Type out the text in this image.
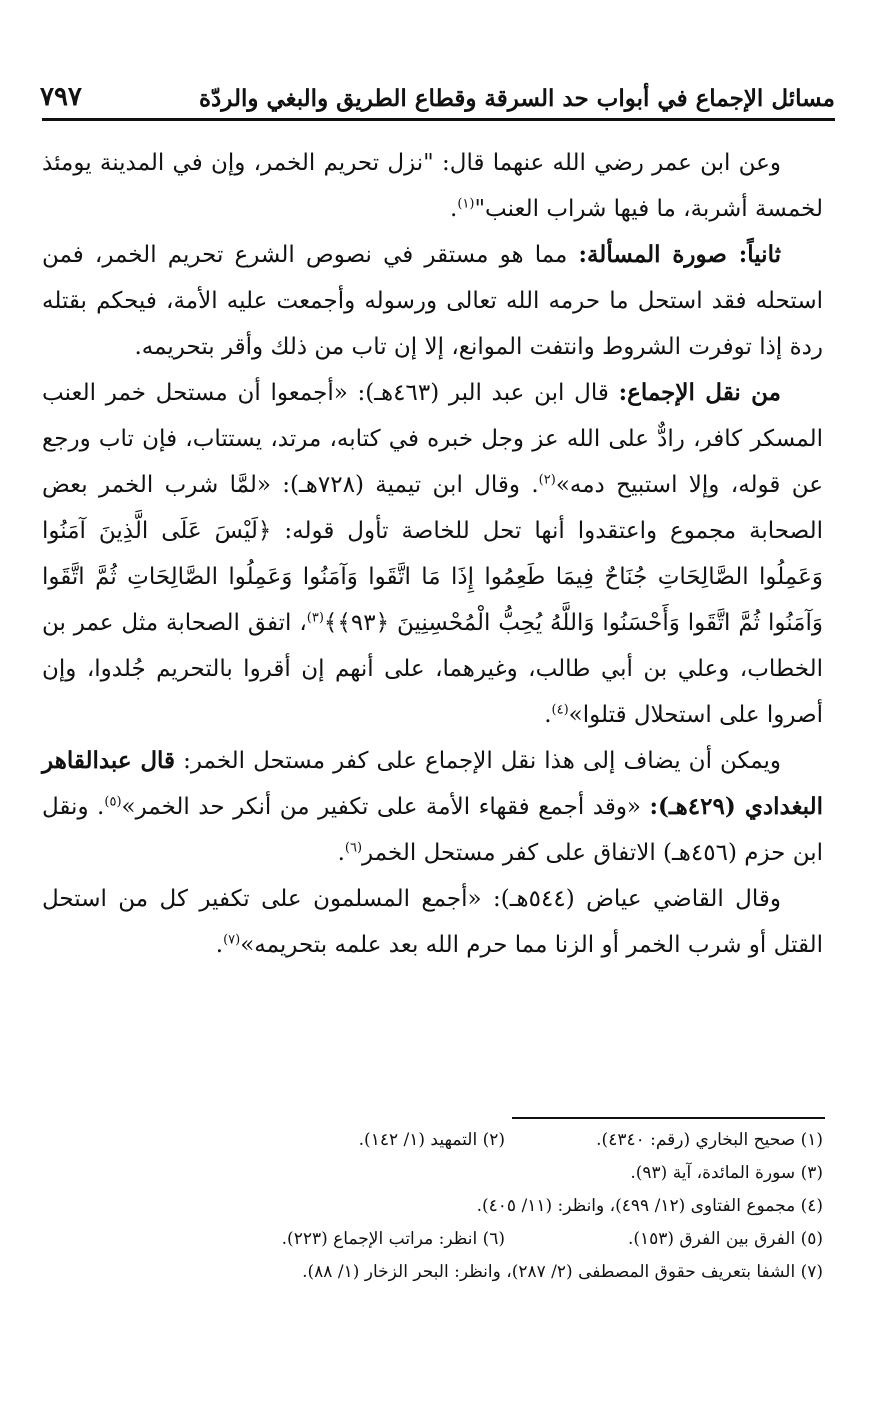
مسائل الإجماع في أبواب حد السرقة وقطاع الطريق والبغي والردّة
٧٩٧

وعن ابن عمر رضي الله عنهما قال: "نزل تحريم الخمر، وإن في المدينة يومئذ لخمسة أشربة، ما فيها شراب العنب"$^{(١)}$.

ثانياً: صورة المسألة: مما هو مستقر في نصوص الشرع تحريم الخمر، فمن استحله فقد استحل ما حرمه الله تعالى ورسوله وأجمعت عليه الأمة، فيحكم بقتله ردة إذا توفرت الشروط وانتفت الموانع، إلا إن تاب من ذلك وأقر بتحريمه.

من نقل الإجماع: قال ابن عبد البر (٤٦٣هـ): «أجمعوا أن مستحل خمر العنب المسكر كافر، رادٌّ على الله عز وجل خبره في كتابه، مرتد، يستتاب، فإن تاب ورجع عن قوله، وإلا استبيح دمه»$^{(٢)}$. وقال ابن تيمية (٧٢٨هـ): «لمَّا شرب الخمر بعض الصحابة مجموع واعتقدوا أنها تحل للخاصة تأول قوله: ﴿لَيْسَ عَلَى الَّذِينَ آمَنُوا وَعَمِلُوا الصَّالِحَاتِ جُنَاحٌ فِيمَا طَعِمُوا إِذَا مَا اتَّقَوا وَآمَنُوا وَعَمِلُوا الصَّالِحَاتِ ثُمَّ اتَّقَوا وَآمَنُوا ثُمَّ اتَّقَوا وَأَحْسَنُوا وَاللَّهُ يُحِبُّ الْمُحْسِنِينَ ﴿٩٣﴾﴾$^{(٣)}$، اتفق الصحابة مثل عمر بن الخطاب، وعلي بن أبي طالب، وغيرهما، على أنهم إن أقروا بالتحريم جُلدوا، وإن أصروا على استحلال قتلوا»$^{(٤)}$.

ويمكن أن يضاف إلى هذا نقل الإجماع على كفر مستحل الخمر: قال عبدالقاهر البغدادي (٤٢٩هـ): «وقد أجمع فقهاء الأمة على تكفير من أنكر حد الخمر»$^{(٥)}$. ونقل ابن حزم (٤٥٦هـ) الاتفاق على كفر مستحل الخمر$^{(٦)}$.

وقال القاضي عياض (٥٤٤هـ): «أجمع المسلمون على تكفير كل من استحل القتل أو شرب الخمر أو الزنا مما حرم الله بعد علمه بتحريمه»$^{(٧)}$.

(١) صحيح البخاري (رقم: ٤٣٤٠).
(٢) التمهيد (١/ ١٤٢).
(٣) سورة المائدة، آية (٩٣).
(٤) مجموع الفتاوى (١٢/ ٤٩٩)، وانظر: (١١/ ٤٠٥).
(٥) الفرق بين الفرق (١٥٣).
(٦) انظر: مراتب الإجماع (٢٢٣).
(٧) الشفا بتعريف حقوق المصطفى (٢/ ٢٨٧)، وانظر: البحر الزخار (١/ ٨٨).
